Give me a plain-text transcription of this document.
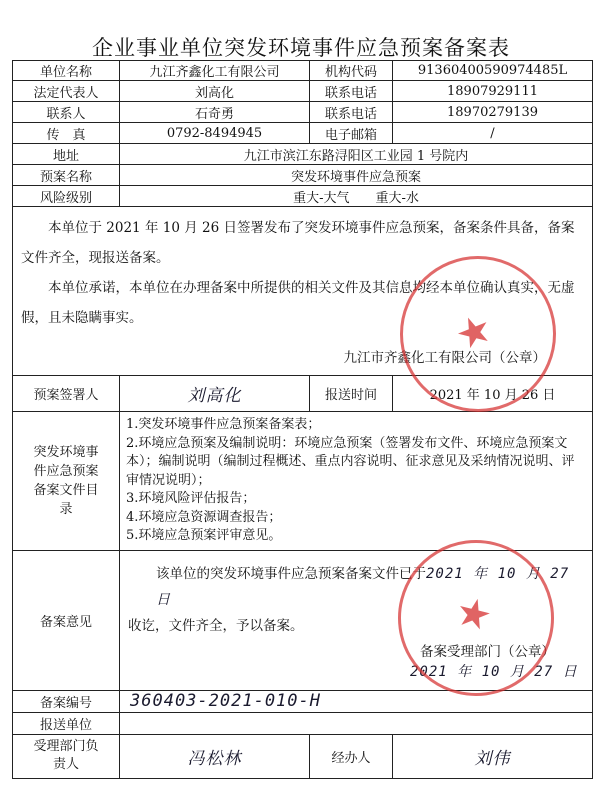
企业事业单位突发环境事件应急预案备案表
单位名称	九江齐鑫化工有限公司	机构代码	91360400590974485L
法定代表人	刘高化	联系电话	18907929111
联系人	石奇勇	联系电话	18970279139
传　真	0792-8494945	电子邮箱	/
地址	九江市滨江东路浔阳区工业园 1 号院内		
预案名称	突发环境事件应急预案		
风险级别	重大-大气　　重大-水		

本单位于 2021 年 10 月 26 日签署发布了突发环境事件应急预案，备案条件具备，备案文件齐全，现报送备案。

本单位承诺，本单位在办理备案中所提供的相关文件及其信息均经本单位确认真实，无虚假，且未隐瞒事实。

九江市齐鑫化工有限公司（公章）			

预案签署人	刘高化	报送时间	2021 年 10 月 26 日
突发环境事件应急预案备案文件目录	1.突发环境事件应急预案备案表；
2.环境应急预案及编制说明：环境应急预案（签署发布文件、环境应急预案文本）；编制说明（编制过程概述、重点内容说明、征求意见及采纳情况说明、评审情况说明）；
3.环境风险评估报告；
4.环境应急资源调查报告；
5.环境应急预案评审意见。		

备案意见	该单位的突发环境事件应急预案备案文件已于2021 年 10 月 27 日
收讫，文件齐全，予以备案。
备案受理部门（公章）
2021 年 10 月 27 日		

备案编号	360403-2021-010-H		
报送单位			
受理部门负责人	冯松林	经办人	刘伟
★
★
